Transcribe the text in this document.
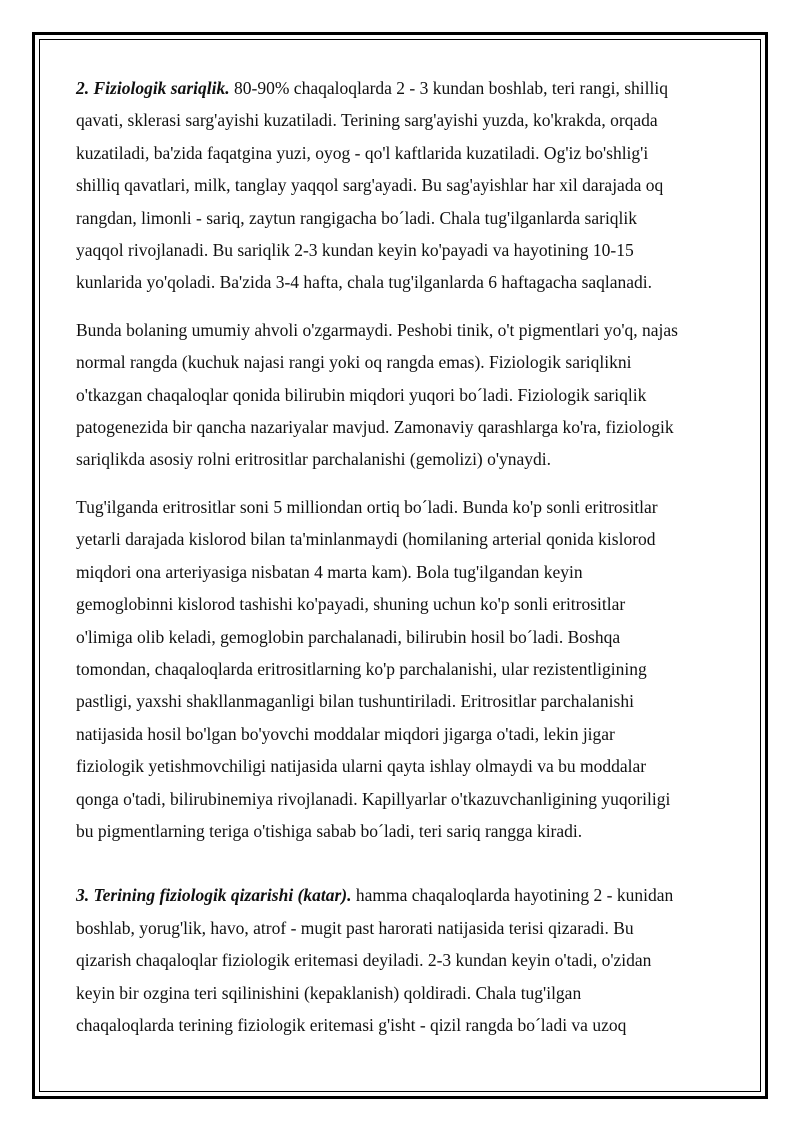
2. Fiziologik sariqlik. 80-90% chaqaloqlarda 2 - 3 kundan boshlab, teri rangi, shilliq
qavati, sklerasi sarg'ayishi kuzatiladi. Terining sarg'ayishi yuzda, ko'krakda, orqada
kuzatiladi, ba'zida faqatgina yuzi, oyog - qo'l kaftlarida kuzatiladi. Og'iz bo'shlig'i
shilliq qavatlari, milk, tanglay yaqqol sarg'ayadi. Bu sag'ayishlar har xil darajada oq
rangdan, limonli - sariq, zaytun rangigacha bo´ladi. Chala tug'ilganlarda sariqlik
yaqqol rivojlanadi. Bu sariqlik 2-3 kundan keyin ko'payadi va hayotining 10-15
kunlarida yo'qoladi. Ba'zida 3-4 hafta, chala tug'ilganlarda 6 haftagacha saqlanadi.

Bunda bolaning umumiy ahvoli o'zgarmaydi. Peshobi tinik, o't pigmentlari yo'q, najas
normal rangda (kuchuk najasi rangi yoki oq rangda emas). Fiziologik sariqlikni
o'tkazgan chaqaloqlar qonida bilirubin miqdori yuqori bo´ladi. Fiziologik sariqlik
patogenezida bir qancha nazariyalar mavjud. Zamonaviy qarashlarga ko'ra, fiziologik
sariqlikda asosiy rolni eritrositlar parchalanishi (gemolizi) o'ynaydi.

Tug'ilganda eritrositlar soni 5 milliondan ortiq bo´ladi. Bunda ko'p sonli eritrositlar
yetarli darajada kislorod bilan ta'minlanmaydi (homilaning arterial qonida kislorod
miqdori ona arteriyasiga nisbatan 4 marta kam). Bola tug'ilgandan keyin
gemoglobinni kislorod tashishi ko'payadi, shuning uchun ko'p sonli eritrositlar
o'limiga olib keladi, gemoglobin parchalanadi, bilirubin hosil bo´ladi. Boshqa
tomondan, chaqaloqlarda eritrositlarning ko'p parchalanishi, ular rezistentligining
pastligi, yaxshi shakllanmaganligi bilan tushuntiriladi. Eritrositlar parchalanishi
natijasida hosil bo'lgan bo'yovchi moddalar miqdori jigarga o'tadi, lekin jigar
fiziologik yetishmovchiligi natijasida ularni qayta ishlay olmaydi va bu moddalar
qonga o'tadi, bilirubinemiya rivojlanadi. Kapillyarlar o'tkazuvchanligining yuqoriligi
bu pigmentlarning teriga o'tishiga sabab bo´ladi, teri sariq rangga kiradi.

3. Terining fiziologik qizarishi (katar). hamma chaqaloqlarda hayotining 2 - kunidan
boshlab, yorug'lik, havo, atrof - mugit past harorati natijasida terisi qizaradi. Bu
qizarish chaqaloqlar fiziologik eritemasi deyiladi. 2-3 kundan keyin o'tadi, o'zidan
keyin bir ozgina teri sqilinishini (kepaklanish) qoldiradi. Chala tug'ilgan
chaqaloqlarda terining fiziologik eritemasi g'isht - qizil rangda bo´ladi va uzoq
